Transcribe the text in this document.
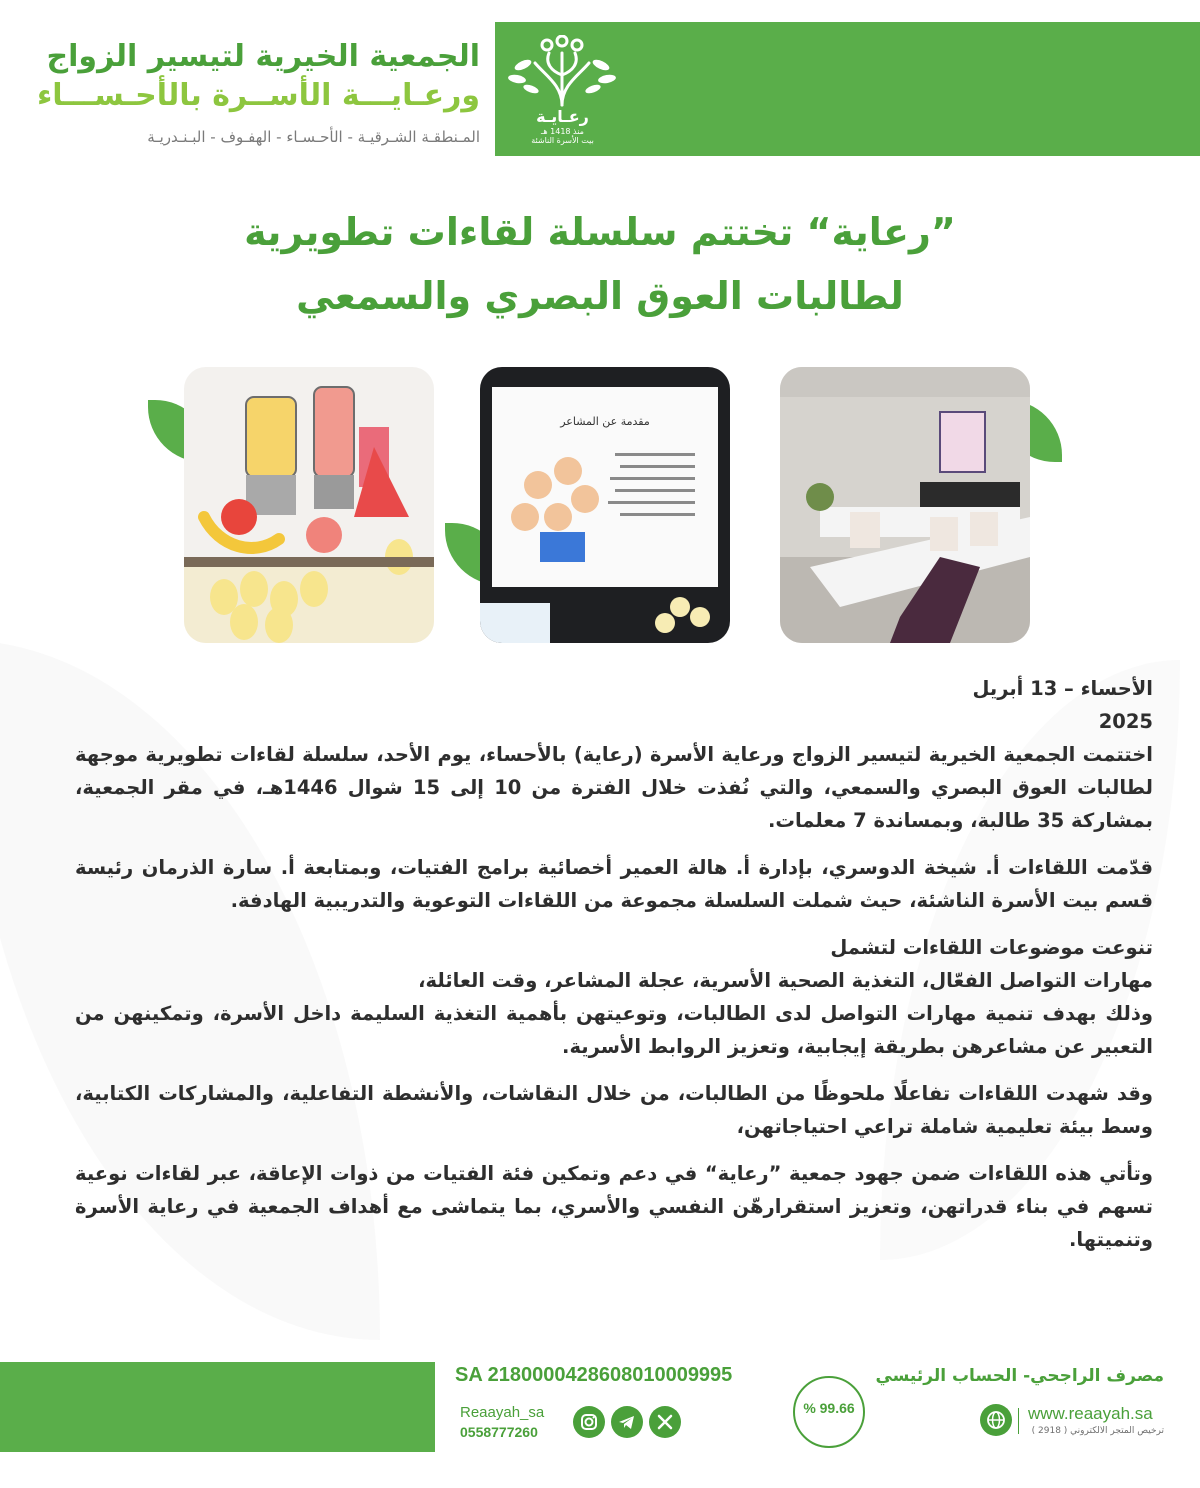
الجمعية الخيرية لتيسير الزواج
ورعـايـــة الأســرة بالأحـســـاء
المـنطقـة الشـرقيـة - الأحـسـاء - الهفـوف - البـنـدريـة
رعـايـة
منذ 1418 هـ
بيت الأسرة الناشئة
”رعاية“ تختتم سلسلة لقاءات تطويرية
لطالبات العوق البصري والسمعي
مقدمة عن المشاعر

الأحساء – 13 أبريل
2025

اختتمت الجمعية الخيرية لتيسير الزواج ورعاية الأسرة (رعاية) بالأحساء، يوم الأحد، سلسلة لقاءات تطويرية موجهة لطالبات العوق البصري والسمعي، والتي نُفذت خلال الفترة من 10 إلى 15 شوال 1446هـ، في مقر الجمعية، بمشاركة 35 طالبة، وبمساندة 7 معلمات.

قدّمت اللقاءات أ. شيخة الدوسري، بإدارة أ. هالة العمير أخصائية برامج الفتيات، وبمتابعة أ. سارة الذرمان رئيسة قسم بيت الأسرة الناشئة، حيث شملت السلسلة مجموعة من اللقاءات التوعوية والتدريبية الهادفة.

تنوعت موضوعات اللقاءات لتشمل
مهارات التواصل الفعّال، التغذية الصحية الأسرية، عجلة المشاعر، وقت العائلة،
وذلك بهدف تنمية مهارات التواصل لدى الطالبات، وتوعيتهن بأهمية التغذية السليمة داخل الأسرة، وتمكينهن من التعبير عن مشاعرهن بطريقة إيجابية، وتعزيز الروابط الأسرية.

وقد شهدت اللقاءات تفاعلًا ملحوظًا من الطالبات، من خلال النقاشات، والأنشطة التفاعلية، والمشاركات الكتابية، وسط بيئة تعليمية شاملة تراعي احتياجاتهن،

وتأتي هذه اللقاءات ضمن جهود جمعية ”رعاية“ في دعم وتمكين فئة الفتيات من ذوات الإعاقة، عبر لقاءات نوعية تسهم في بناء قدراتهن، وتعزيز استقرارهّن النفسي والأسري، بما يتماشى مع أهداف الجمعية في رعاية الأسرة وتنميتها.

SA 2180000428608010009995
Reaayah_sa
0558777260
% 99.66
مصرف الراجحي- الحساب الرئيسي
www.reaayah.sa
ترخيص المتجر الالكتروني ( 2918 )
